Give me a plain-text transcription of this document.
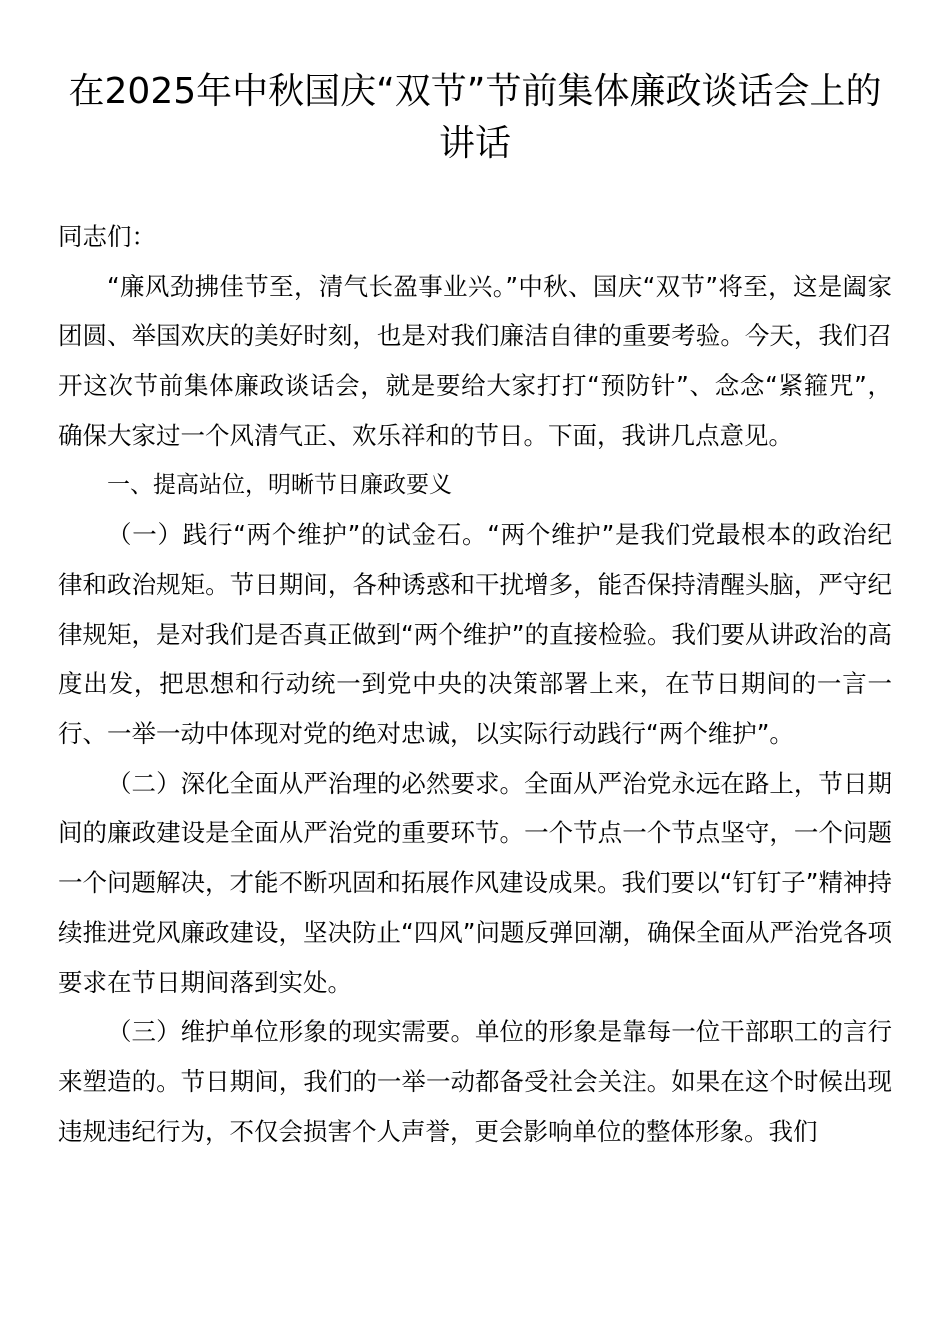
在2025年中秋国庆“双节”节前集体廉政谈话会上的讲话

同志们：

“廉风劲拂佳节至，清气长盈事业兴。”中秋、国庆“双节”将至，这是阖家团圆、举国欢庆的美好时刻，也是对我们廉洁自律的重要考验。今天，我们召开这次节前集体廉政谈话会，就是要给大家打打“预防针”、念念“紧箍咒”，确保大家过一个风清气正、欢乐祥和的节日。下面，我讲几点意见。

一、提高站位，明晰节日廉政要义

（一）践行“两个维护”的试金石。“两个维护”是我们党最根本的政治纪律和政治规矩。节日期间，各种诱惑和干扰增多，能否保持清醒头脑，严守纪律规矩，是对我们是否真正做到“两个维护”的直接检验。我们要从讲政治的高度出发，把思想和行动统一到党中央的决策部署上来，在节日期间的一言一行、一举一动中体现对党的绝对忠诚，以实际行动践行“两个维护”。

（二）深化全面从严治理的必然要求。全面从严治党永远在路上，节日期间的廉政建设是全面从严治党的重要环节。一个节点一个节点坚守，一个问题一个问题解决，才能不断巩固和拓展作风建设成果。我们要以“钉钉子”精神持续推进党风廉政建设，坚决防止“四风”问题反弹回潮，确保全面从严治党各项要求在节日期间落到实处。

（三）维护单位形象的现实需要。单位的形象是靠每一位干部职工的言行来塑造的。节日期间，我们的一举一动都备受社会关注。如果在这个时候出现违规违纪行为，不仅会损害个人声誉，更会影响单位的整体形象。我们
